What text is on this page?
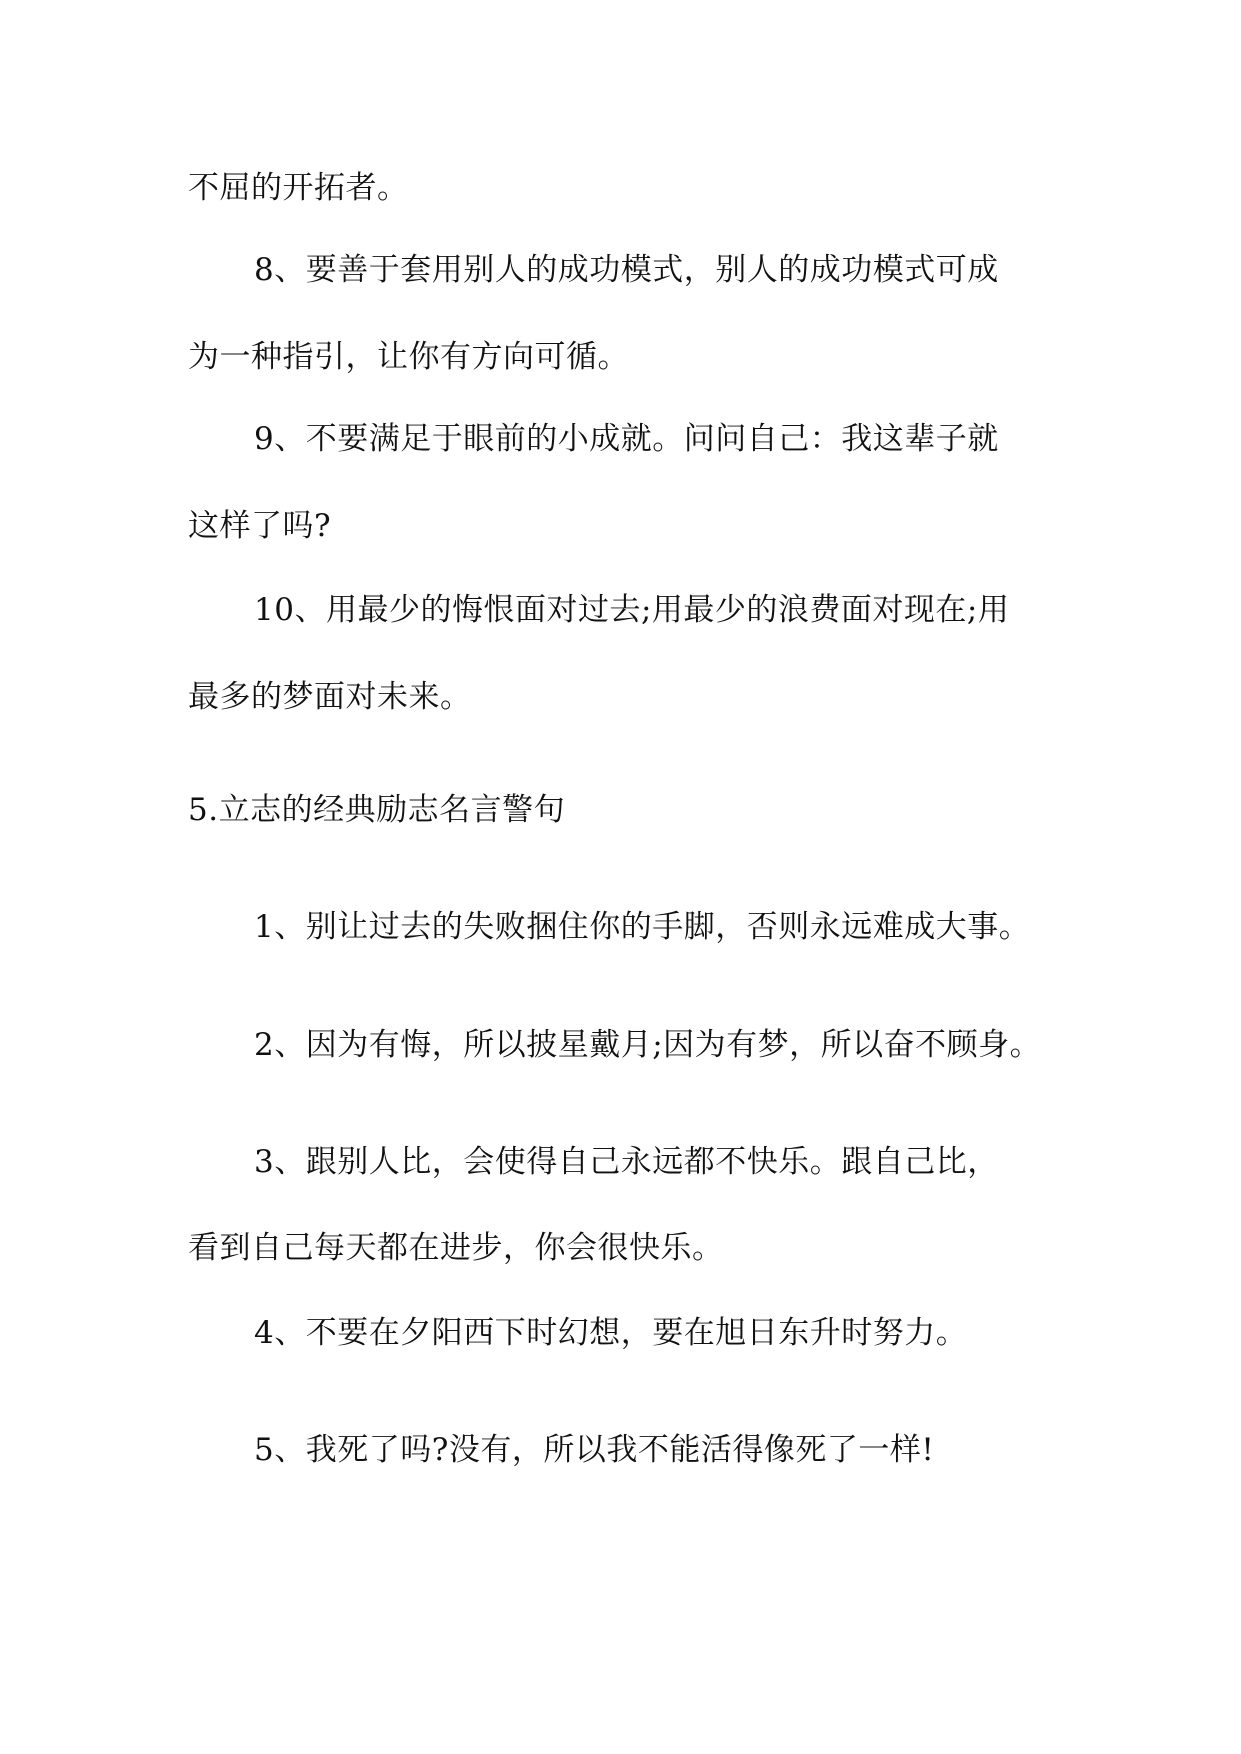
不屈的开拓者。

8、要善于套用别人的成功模式，别人的成功模式可成

为一种指引，让你有方向可循。

9、不要满足于眼前的小成就。问问自己：我这辈子就

这样了吗?

10、用最少的悔恨面对过去;用最少的浪费面对现在;用

最多的梦面对未来。

5.立志的经典励志名言警句

1、别让过去的失败捆住你的手脚，否则永远难成大事。

2、因为有悔，所以披星戴月;因为有梦，所以奋不顾身。

3、跟别人比，会使得自己永远都不快乐。跟自己比，

看到自己每天都在进步，你会很快乐。

4、不要在夕阳西下时幻想，要在旭日东升时努力。

5、我死了吗?没有，所以我不能活得像死了一样!
